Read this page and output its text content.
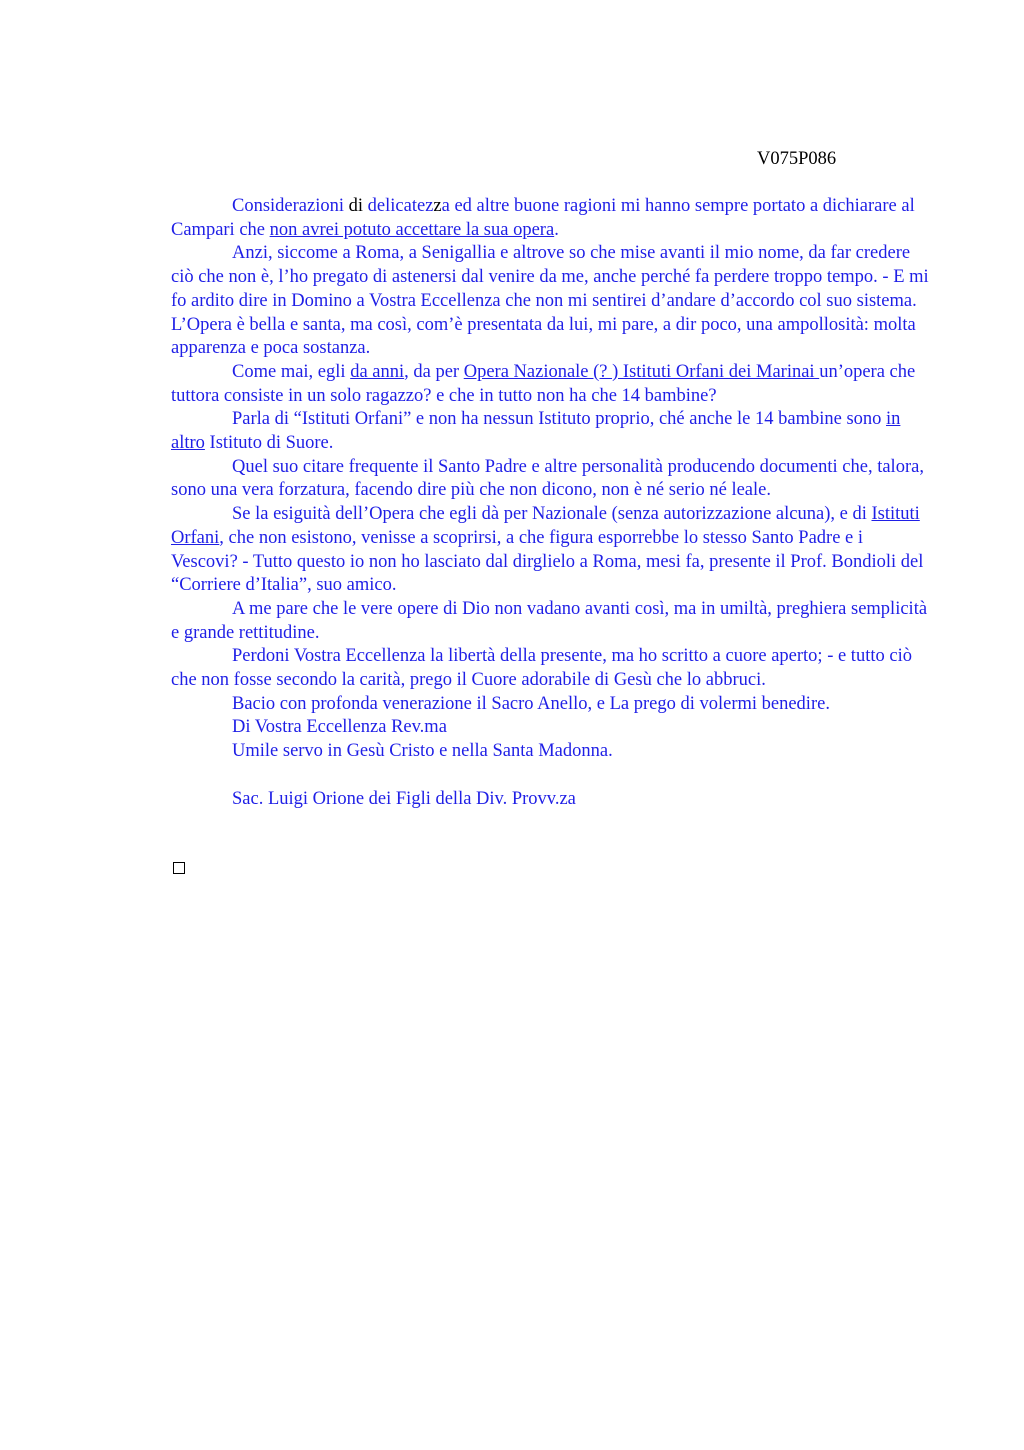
V075P086

Considerazioni di delicatezza ed altre buone ragioni mi hanno sempre portato a dichiarare al Campari che non avrei potuto accettare la sua opera.

Anzi, siccome a Roma, a Senigallia e altrove so che mise avanti il mio nome, da far credere ciò che non è, l’ho pregato di astenersi dal venire da me, anche perché fa perdere troppo tempo. - E mi fo ardito dire in Domino a Vostra Eccellenza che non mi sentirei d’andare d’accordo col suo sistema. L’Opera è bella e santa, ma così, com’è presentata da lui, mi pare, a dir poco, una ampollosità: molta apparenza e poca sostanza.

Come mai, egli da anni, da per Opera Nazionale (? ) Istituti Orfani dei Marinai un’opera che tuttora consiste in un solo ragazzo? e che in tutto non ha che 14 bambine?

Parla di “Istituti Orfani” e non ha nessun Istituto proprio, ché anche le 14 bambine sono in altro Istituto di Suore.

Quel suo citare frequente il Santo Padre e altre personalità producendo documenti che, talora, sono una vera forzatura, facendo dire più che non dicono, non è né serio né leale.

Se la esiguità dell’Opera che egli dà per Nazionale (senza autorizzazione alcuna), e di Istituti Orfani, che non esistono, venisse a scoprirsi, a che figura esporrebbe lo stesso Santo Padre e i Vescovi? - Tutto questo io non ho lasciato dal dirglielo a Roma, mesi fa, presente il Prof. Bondioli del “Corriere d’Italia”, suo amico.

A me pare che le vere opere di Dio non vadano avanti così, ma in umiltà, preghiera semplicità e grande rettitudine.

Perdoni Vostra Eccellenza la libertà della presente, ma ho scritto a cuore aperto; - e tutto ciò che non fosse secondo la carità, prego il Cuore adorabile di Gesù che lo abbruci.

Bacio con profonda venerazione il Sacro Anello, e La prego di volermi benedire.

Di Vostra Eccellenza Rev.ma

Umile servo in Gesù Cristo e nella Santa Madonna.

Sac. Luigi Orione dei Figli della Div. Provv.za
